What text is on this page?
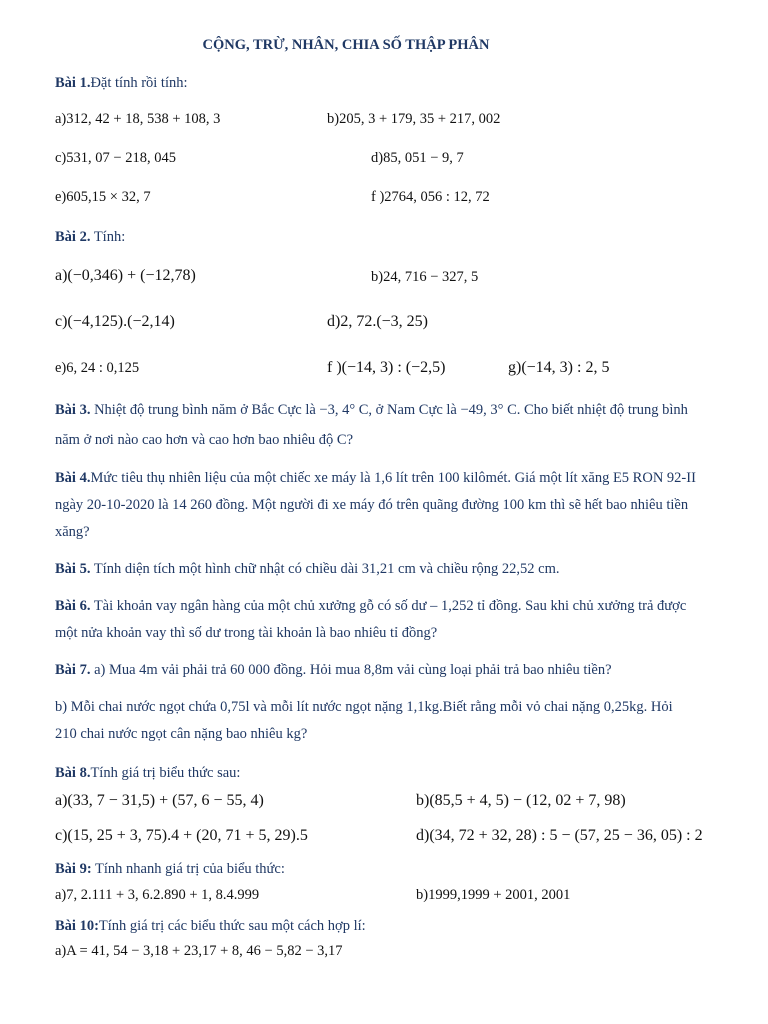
CỘNG, TRỪ, NHÂN, CHIA SỐ THẬP PHÂN
Bài 1.Đặt tính rồi tính:
a)312, 42 + 18, 538 + 108, 3	b)205, 3 + 179, 35 + 217, 002
c)531, 07 − 218, 045	d)85, 051 − 9, 7
e)605,15 × 32, 7	f )2764, 056 : 12, 72
Bài 2. Tính:
a)(−0,346) + (−12,78)	b)24, 716 − 327, 5
c)(−4,125).(−2,14)	d)2, 72.(−3, 25)
e)6, 24 : 0,125	f )(−14, 3) : (−2,5)	g)(−14, 3) : 2, 5
Bài 3. Nhiệt độ trung bình năm ở Bắc Cực là −3, 4° C, ở Nam Cực là −49, 3° C. Cho biết nhiệt độ trung bình
năm ở nơi nào cao hơn và cao hơn bao nhiêu độ C?
Bài 4.Mức tiêu thụ nhiên liệu của một chiếc xe máy là 1,6 lít trên 100 kilômét. Giá một lít xăng E5 RON 92-II
ngày 20-10-2020 là 14 260 đồng. Một người đi xe máy đó trên quãng đường 100 km thì sẽ hết bao nhiêu tiền
xăng?
Bài 5. Tính diện tích một hình chữ nhật có chiều dài 31,21 cm và chiều rộng 22,52 cm.
Bài 6. Tài khoản vay ngân hàng của một chủ xưởng gỗ có số dư – 1,252 tỉ đồng. Sau khi chủ xưởng trả được
một nửa khoản vay thì số dư trong tài khoản là bao nhiêu tỉ đồng?
Bài 7. a) Mua 4m vải phải trả 60 000 đồng. Hỏi mua 8,8m vải cùng loại phải trả bao nhiêu tiền?
b) Mỗi chai nước ngọt chứa 0,75l và mỗi lít nước ngọt nặng 1,1kg.Biết rằng mỗi vỏ chai nặng 0,25kg. Hỏi
210 chai nước ngọt cân nặng bao nhiêu kg?
Bài 8.Tính giá trị biểu thức sau:
a)(33, 7 − 31,5) + (57, 6 − 55, 4)	b)(85,5 + 4, 5) − (12, 02 + 7, 98)
c)(15, 25 + 3, 75).4 + (20, 71 + 5, 29).5	d)(34, 72 + 32, 28) : 5 − (57, 25 − 36, 05) : 2
Bài 9: Tính nhanh giá trị của biểu thức:
a)7, 2.111 + 3, 6.2.890 + 1, 8.4.999	b)1999,1999 + 2001, 2001
Bài 10:Tính giá trị các biểu thức sau một cách hợp lí:
a)A = 41, 54 − 3,18 + 23,17 + 8, 46 − 5,82 − 3,17
